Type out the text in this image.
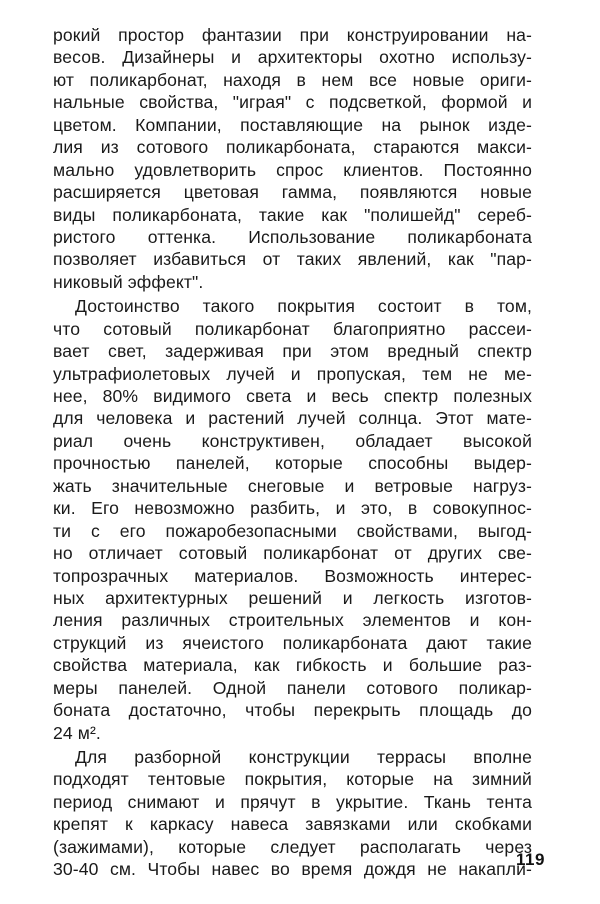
рокий простор фантазии при конструировании на-
весов. Дизайнеры и архитекторы охотно использу-
ют поликарбонат, находя в нем все новые ориги-
нальные свойства, "играя" с подсветкой, формой и
цветом. Компании, поставляющие на рынок изде-
лия из сотового поликарбоната, стараются макси-
мально удовлетворить спрос клиентов. Постоянно
расширяется цветовая гамма, появляются новые
виды поликарбоната, такие как "полишейд" сереб-
ристого оттенка. Использование поликарбоната
позволяет избавиться от таких явлений, как "пар-
никовый эффект".
Достоинство такого покрытия состоит в том,
что сотовый поликарбонат благоприятно рассеи-
вает свет, задерживая при этом вредный спектр
ультрафиолетовых лучей и пропуская, тем не ме-
нее, 80% видимого света и весь спектр полезных
для человека и растений лучей солнца. Этот мате-
риал очень конструктивен, обладает высокой
прочностью панелей, которые способны выдер-
жать значительные снеговые и ветровые нагруз-
ки. Его невозможно разбить, и это, в совокупнос-
ти с его пожаробезопасными свойствами, выгод-
но отличает сотовый поликарбонат от других све-
топрозрачных материалов. Возможность интерес-
ных архитектурных решений и легкость изготов-
ления различных строительных элементов и кон-
струкций из ячеистого поликарбоната дают такие
свойства материала, как гибкость и большие раз-
меры панелей. Одной панели сотового поликар-
боната достаточно, чтобы перекрыть площадь до
24 м².
Для разборной конструкции террасы вполне
подходят тентовые покрытия, которые на зимний
период снимают и прячут в укрытие. Ткань тента
крепят к каркасу навеса завязками или скобками
(зажимами), которые следует располагать через
30-40 см. Чтобы навес во время дождя не накапли-
119
